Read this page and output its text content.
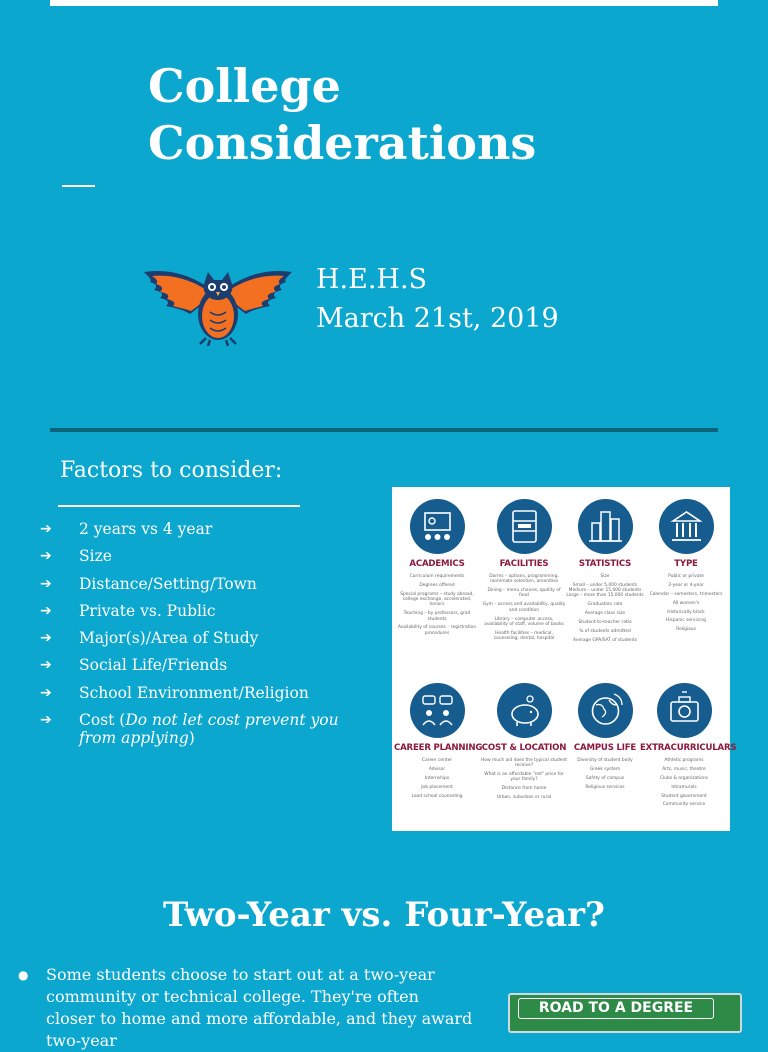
College Considerations
H.E.H.S
March 21st, 2019
Factors to consider:
➔ 2 years vs 4 year
➔ Size
➔ Distance/Setting/Town
➔ Private vs. Public
➔ Major(s)/Area of Study
➔ Social Life/Friends
➔ School Environment/Religion
➔ Cost (Do not let cost prevent you from applying)
ACADEMICS
Curriculum requirements
Degrees offered
Special programs – study abroad, college exchange, accelerated, honors
Teaching – by professors, grad students
Availability of courses – registration procedures
FACILITIES
Dorms – options, programming, roommate selection, amenities
Dining – menu choices, quality of food
Gym – access and availability, quality and condition
Library – computer access, availability of staff, volume of books
Health facilities – medical, counseling, dental, hospital
STATISTICS
Size
Small – under 5,000 students Medium – under 15,000 students Large – more than 15,000 students
Graduation rate
Average class size
Student-to-teacher ratio
% of students admitted
Average GPA/SAT of students
TYPE
Public or private
2-year or 4-year
Calendar – semesters, trimesters
All women's
Historically black
Hispanic servicing
Religious
CAREER PLANNING
Career center
Advisor
Internships
Job placement
Lead school counseling
COST & LOCATION
How much aid does the typical student receive?
What is an affordable "net" price for your family?
Distance from home
Urban, suburban or rural
CAMPUS LIFE
Diversity of student body
Greek system
Safety of campus
Religious services
EXTRACURRICULARS
Athletic programs
Arts, music, theatre
Clubs & organizations
Intramurals
Student government
Community service
Two-Year vs. Four-Year?
●	Some students choose to start out at a two-year community or technical college. They're often closer to home and more affordable, and they award two-year
ROAD TO A DEGREE
